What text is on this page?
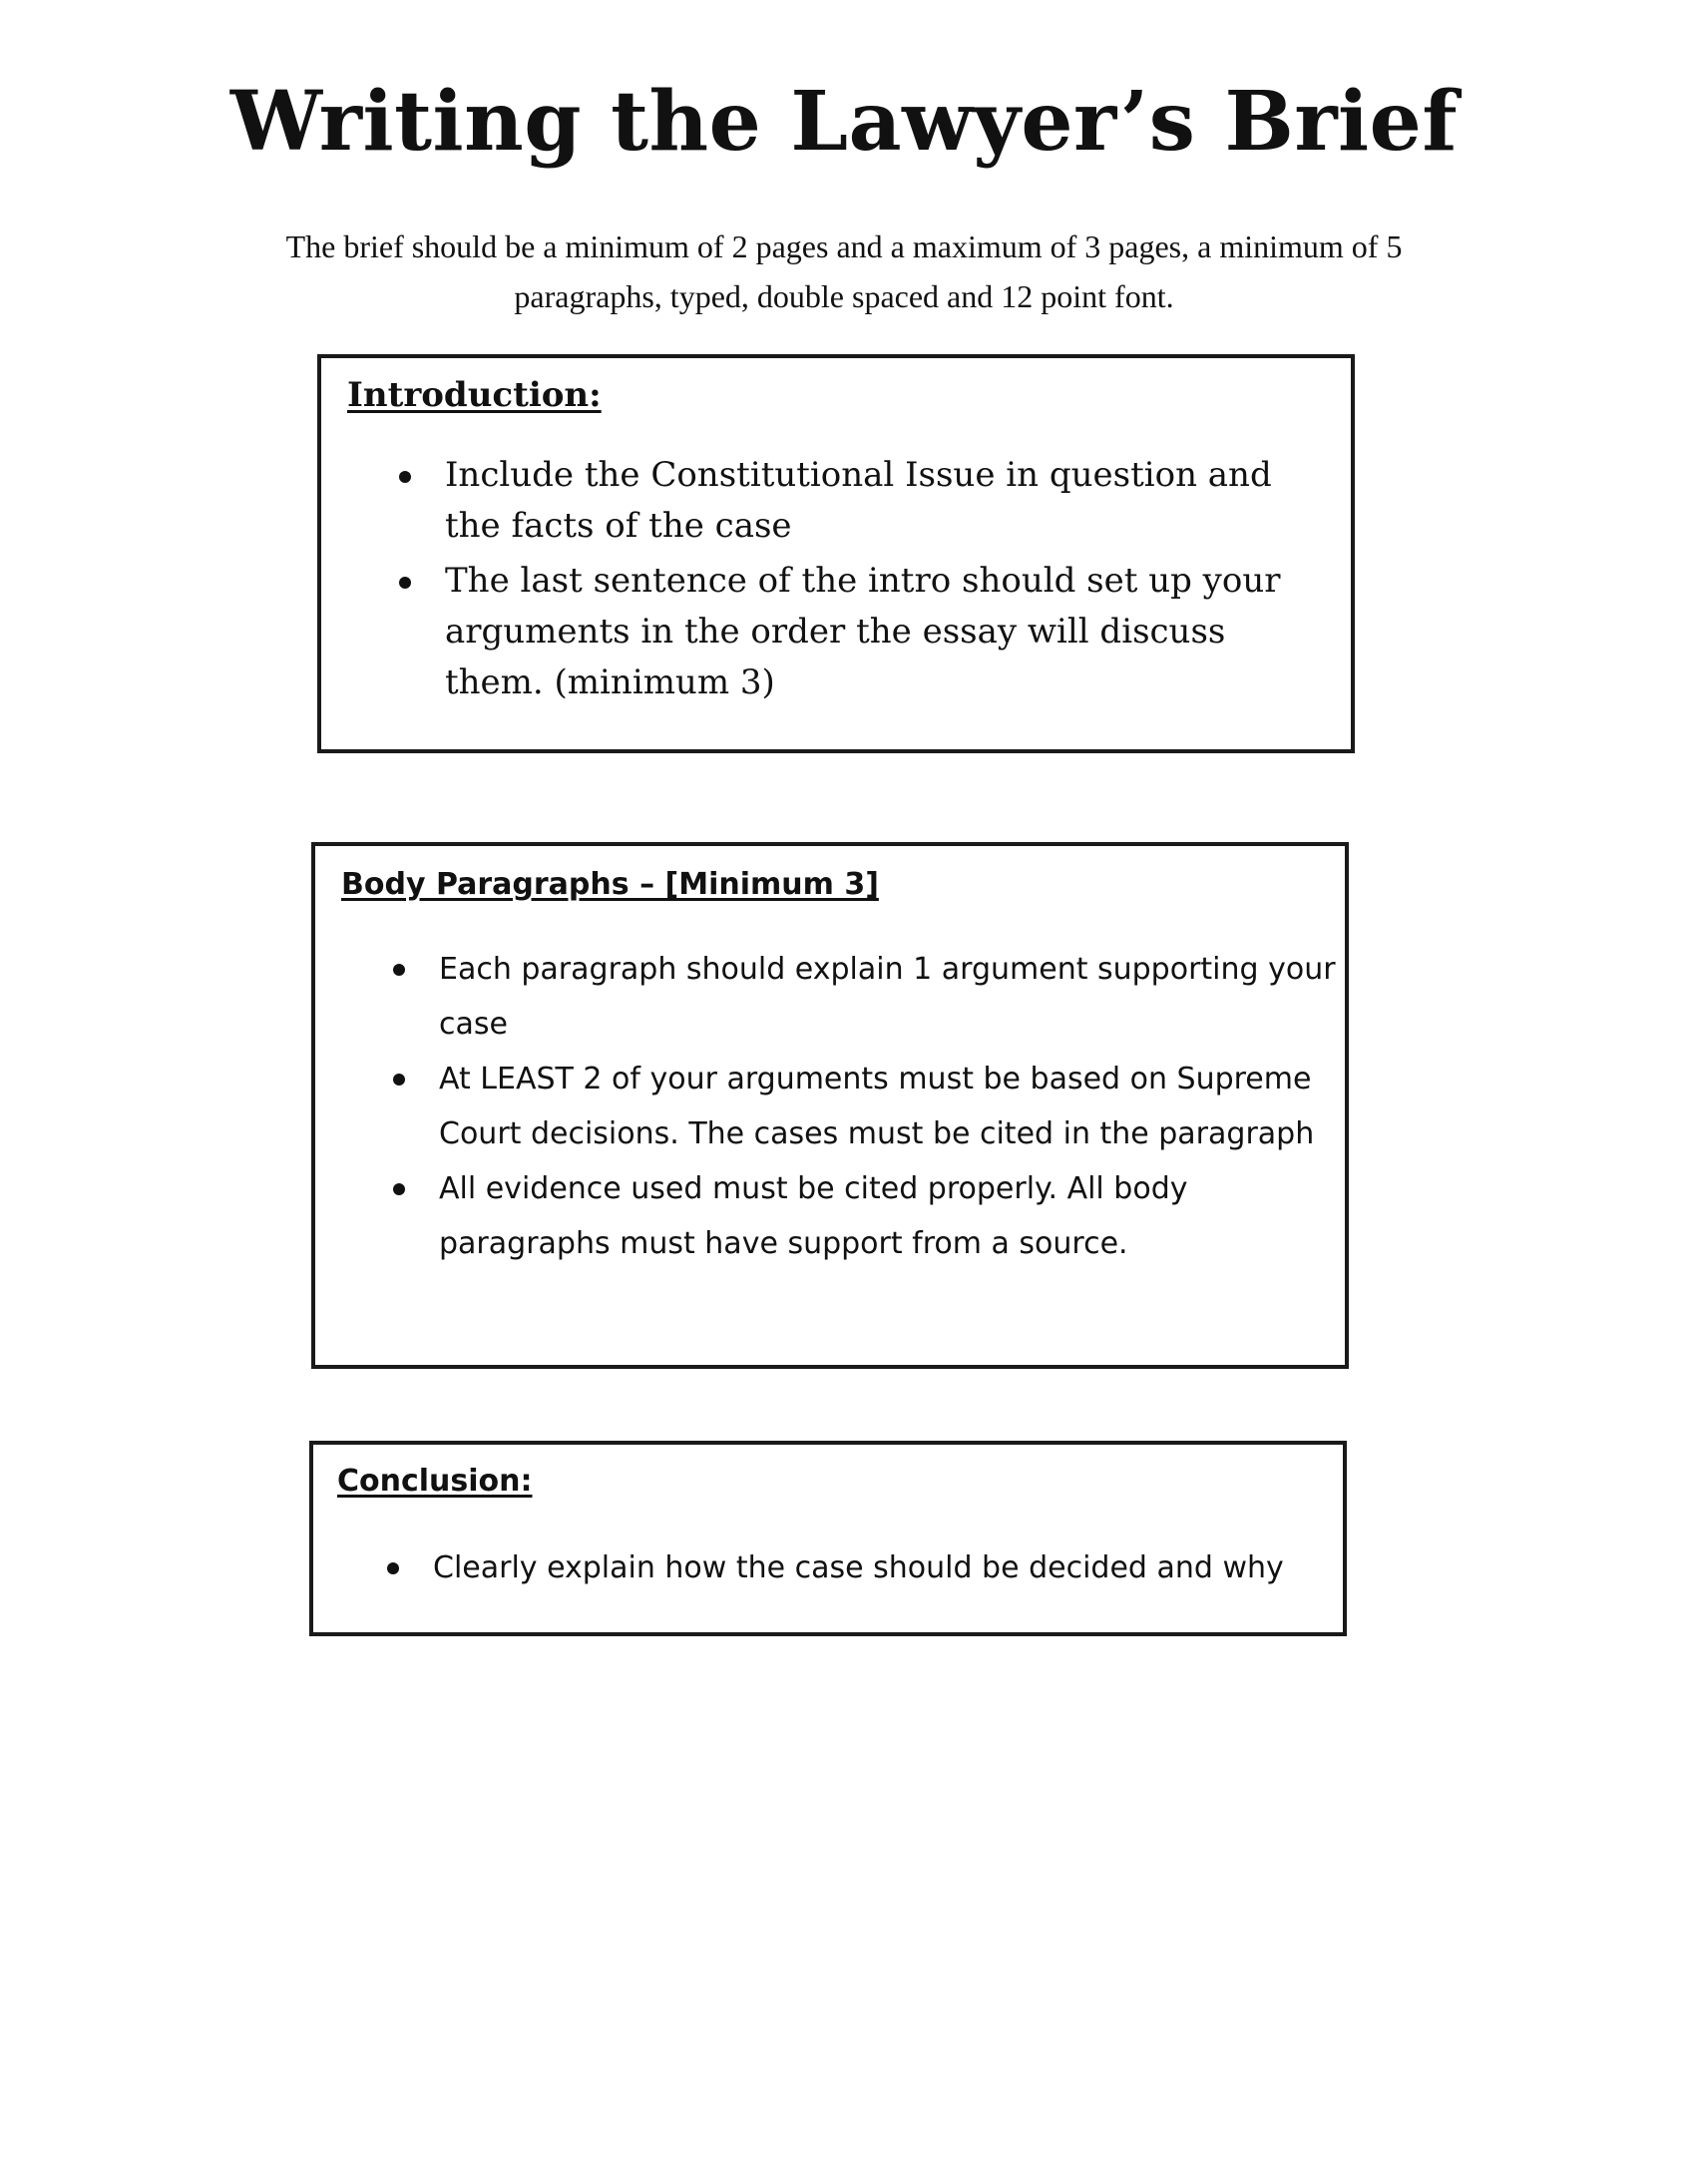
Writing the Lawyer’s Brief

The brief should be a minimum of 2 pages and a maximum of 3 pages, a minimum of 5 paragraphs, typed, double spaced and 12 point font.

Introduction:
Include the Constitutional Issue in question and the facts of the case
The last sentence of the intro should set up your arguments in the order the essay will discuss them. (minimum 3)
Body Paragraphs – [Minimum 3]
Each paragraph should explain 1 argument supporting your case
At LEAST 2 of your arguments must be based on Supreme Court decisions. The cases must be cited in the paragraph
All evidence used must be cited properly. All body paragraphs must have support from a source.
Conclusion:
Clearly explain how the case should be decided and why
